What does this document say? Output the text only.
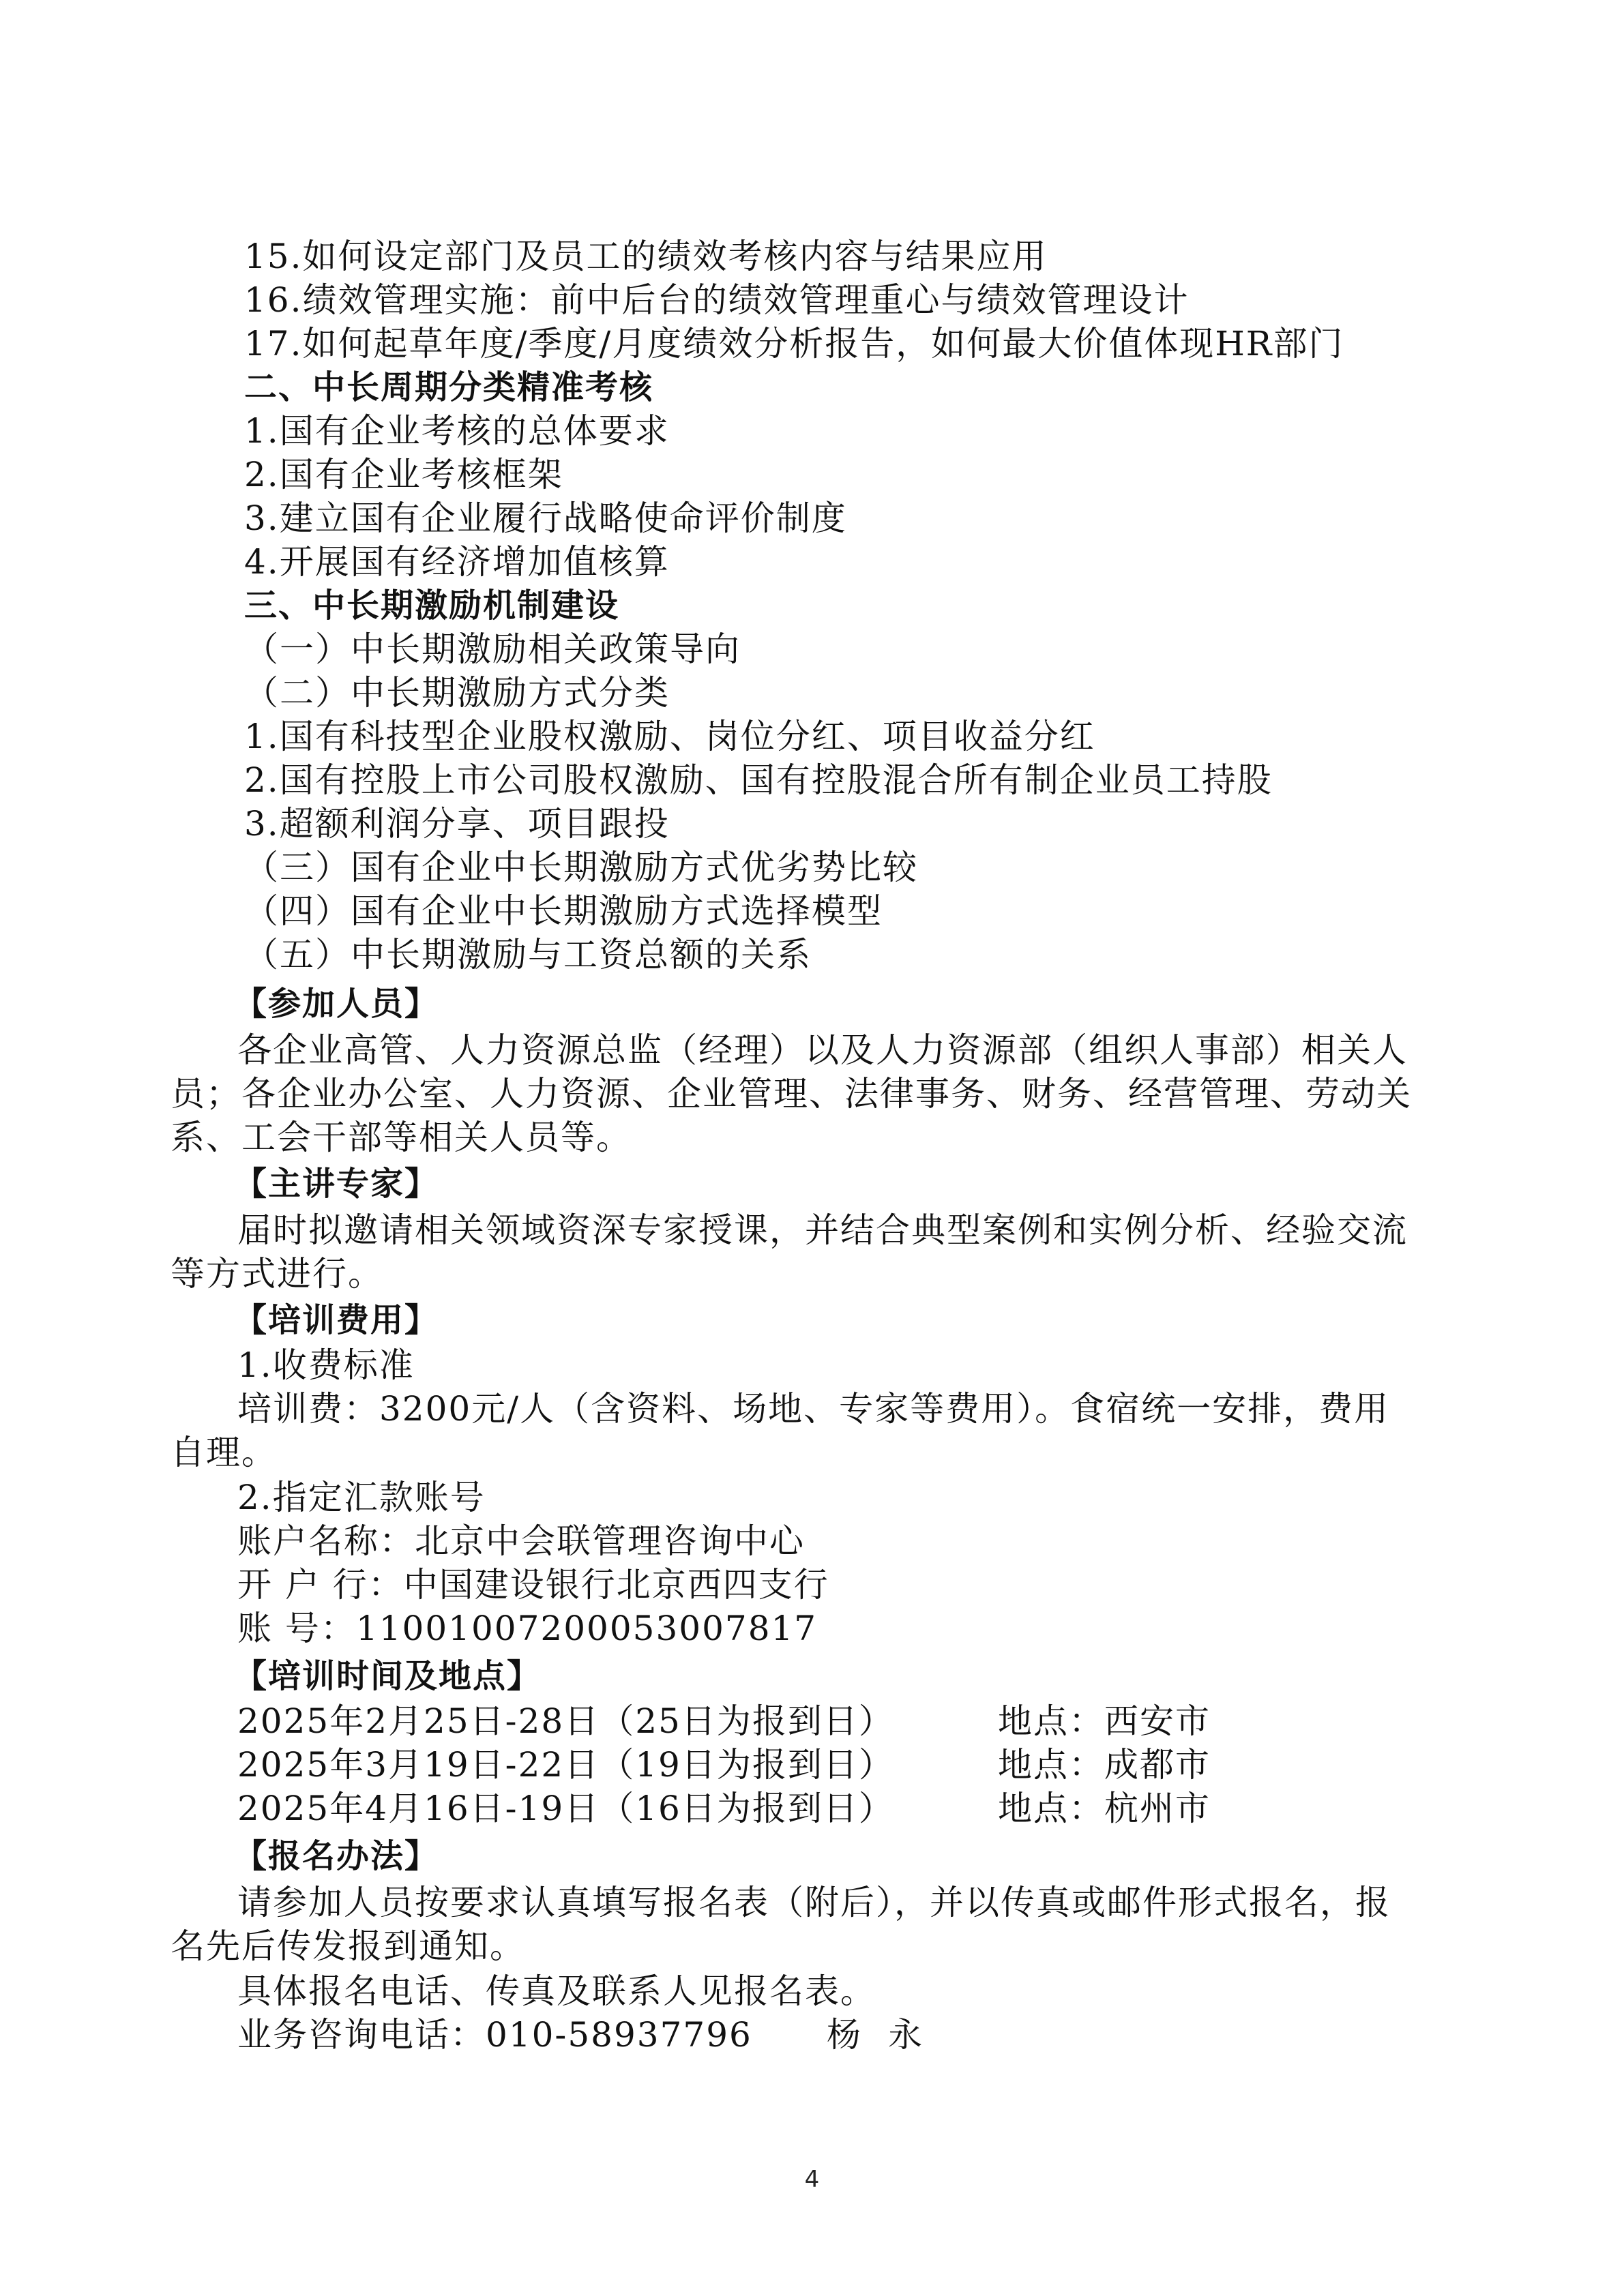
15.如何设定部门及员工的绩效考核内容与结果应用
16.绩效管理实施：前中后台的绩效管理重心与绩效管理设计
17.如何起草年度/季度/月度绩效分析报告，如何最大价值体现HR部门
二、中长周期分类精准考核
1.国有企业考核的总体要求
2.国有企业考核框架
3.建立国有企业履行战略使命评价制度
4.开展国有经济增加值核算
三、中长期激励机制建设
（一）中长期激励相关政策导向
（二）中长期激励方式分类
1.国有科技型企业股权激励、岗位分红、项目收益分红
2.国有控股上市公司股权激励、国有控股混合所有制企业员工持股
3.超额利润分享、项目跟投
（三）国有企业中长期激励方式优劣势比较
（四）国有企业中长期激励方式选择模型
（五）中长期激励与工资总额的关系
【参加人员】
各企业高管、人力资源总监（经理）以及人力资源部（组织人事部）相关人
员；各企业办公室、人力资源、企业管理、法律事务、财务、经营管理、劳动关
系、工会干部等相关人员等。
【主讲专家】
届时拟邀请相关领域资深专家授课，并结合典型案例和实例分析、经验交流
等方式进行。
【培训费用】
1.收费标准
培训费：3200元/人（含资料、场地、专家等费用）。食宿统一安排，费用
自理。
2.指定汇款账号
账户名称：北京中会联管理咨询中心
开 户 行：中国建设银行北京西四支行
账 号：11001007200053007817
【培训时间及地点】
2025年2月25日-28日（25日为报到日）	地点：西安市
2025年3月19日-22日（19日为报到日）	地点：成都市
2025年4月16日-19日（16日为报到日）	地点：杭州市
【报名办法】
请参加人员按要求认真填写报名表（附后），并以传真或邮件形式报名，报
名先后传发报到通知。
具体报名电话、传真及联系人见报名表。
业务咨询电话：010-58937796 杨永
4
